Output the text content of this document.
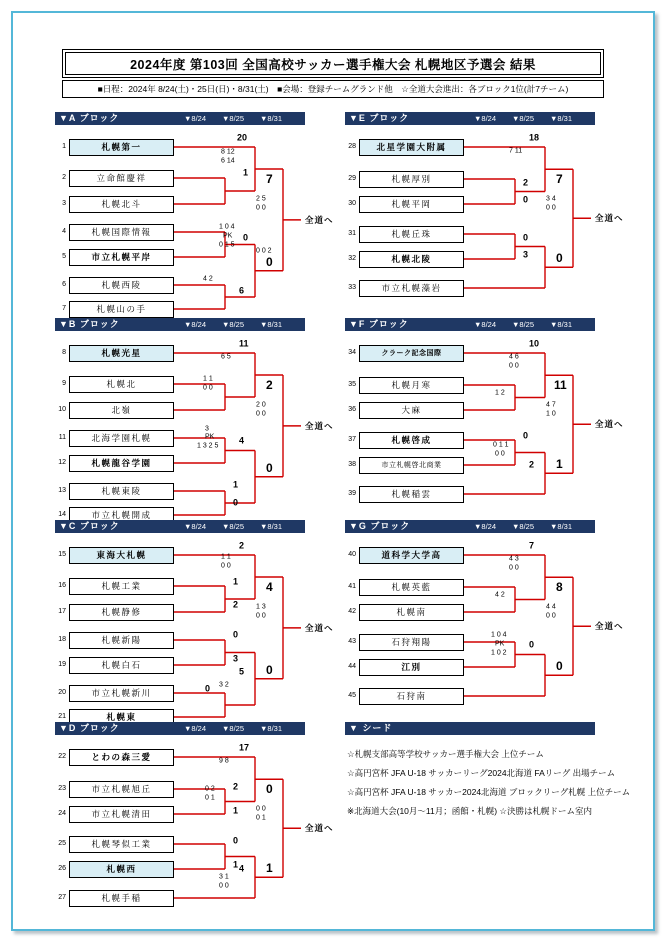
2024年度 第103回 全国高校サッカー選手権大会 札幌地区予選会 結果
■日程：2024年 8/24(土)・25日(日)・8/31(土)　■会場：登録チームグランド他　☆全道大会進出：各ブロック1位(計7チーム)
▼A ブロック	▼8/24 ▼8/25 ▼8/31
1	札幌第一
2	立命館慶祥
3	札幌北斗
4	札幌国際情報
5	市立札幌平岸
6	札幌西陵
7	札幌山の手
20
8 12
6 14
1 7
2 5
0 0
1 0 4
PK
0 1 5
0
0 0 2
4 2
6
0
全道へ
▼E ブロック	▼8/24 ▼8/25 ▼8/31
28	北星学園大附属
29	札幌厚別
30	札幌平岡
31	札幌丘珠
32	札幌北陵
33	市立札幌藻岩
7 11
18
2
0
7
3 4
0 0
0
3 0
全道へ
▼B ブロック	▼8/24 ▼8/25 ▼8/31
8	札幌光星
9	札幌北
10	北嶺
11	北海学園札幌
12	札幌龍谷学園
13	札幌東陵
14	市立札幌開成
6 5
11
1 1
0 0	2
2 0
0 0
3
PK
1 3 2 5
4
1
0
0
全道へ
▼F ブロック	▼8/24 ▼8/25 ▼8/31
34	クラーク記念国際
35	札幌月寒
36	大麻
37	札幌啓成
38	市立札幌啓北商業
39	札幌稲雲
4 6
0 0
10
1 2
11
4 7
1 0
0
0 1 1
0 0
2 1
全道へ
▼C ブロック	▼8/24 ▼8/25 ▼8/31
15	東海大札幌
16	札幌工業
17	札幌静修
18	札幌新陽
19	札幌白石
20	市立札幌新川
21	札幌東
1 1
0 0
2
1
2
4
1 3
0 0
0
3
5
3 2
0
0
全道へ
▼G ブロック	▼8/24 ▼8/25 ▼8/31
40	道科学大学高
41	札幌英藍
42	札幌南
43	石狩翔陽
44	江別
45	石狩南
4 3
0 0
7
4 2
8
4 4
0 0
1 0 4
PK
1 0 2
0
0
全道へ
▼D ブロック	▼8/24 ▼8/25 ▼8/31
22	とわの森三愛
23	市立札幌旭丘
24	市立札幌清田
25	札幌琴似工業
26	札幌西
27	札幌手稲
9 8
17
0 2
0 1
2
1
0
0 0
0 1
0
1
3 1
0 0
4 1
全道へ
▼ シード
☆札幌支部高等学校サッカー選手権大会 上位チーム
☆高円宮杯 JFA U-18 サッカーリーグ2024北海道 FAリーグ 出場チーム
☆高円宮杯 JFA U-18 サッカー2024北海道 ブロックリーグ札幌 上位チーム
※北海道大会(10月～11月；函館・札幌) ☆決勝は札幌ドーム室内
